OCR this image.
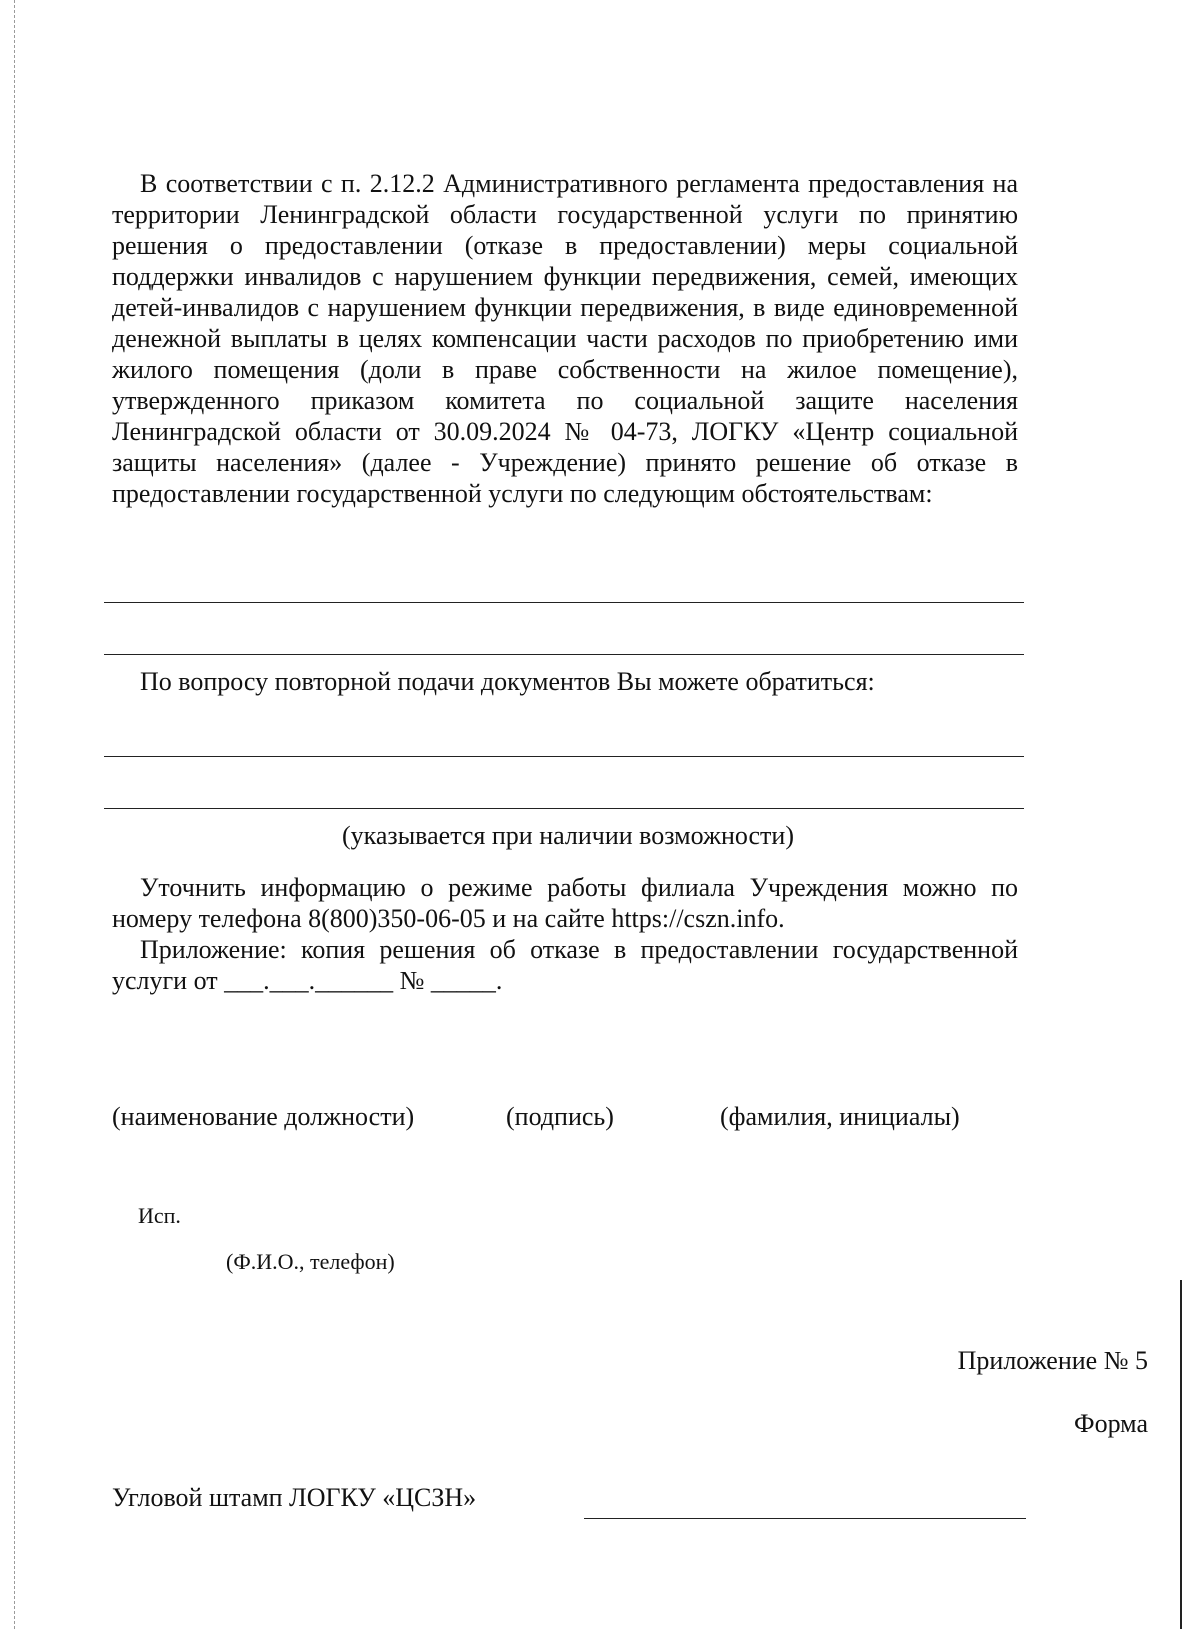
В соответствии с п. 2.12.2 Административного регламента предоставления на территории Ленинградской области государственной услуги по принятию решения о предоставлении (отказе в предоставлении) меры социальной поддержки инвалидов с нарушением функции передвижения, семей, имеющих детей-инвалидов с нарушением функции передвижения, в виде единовременной денежной выплаты в целях компенсации части расходов по приобретению ими жилого помещения (доли в праве собственности на жилое помещение), утвержденного приказом комитета по социальной защите населения Ленинградской области от 30.09.2024 № 04-73, ЛОГКУ «Центр социальной защиты населения» (далее - Учреждение) принято решение об отказе в предоставлении государственной услуги по следующим обстоятельствам:

По вопросу повторной подачи документов Вы можете обратиться:

(указывается при наличии возможности)

Уточнить информацию о режиме работы филиала Учреждения можно по номеру телефона 8(800)350-06-05 и на сайте https://cszn.info.

Приложение: копия решения об отказе в предоставлении государственной услуги от ___.___.______ № _____.

(наименование должности)	(подпись)	(фамилия, инициалы)
Исп.
(Ф.И.О., телефон)
Приложение № 5
Форма
Угловой штамп ЛОГКУ «ЦСЗН»
